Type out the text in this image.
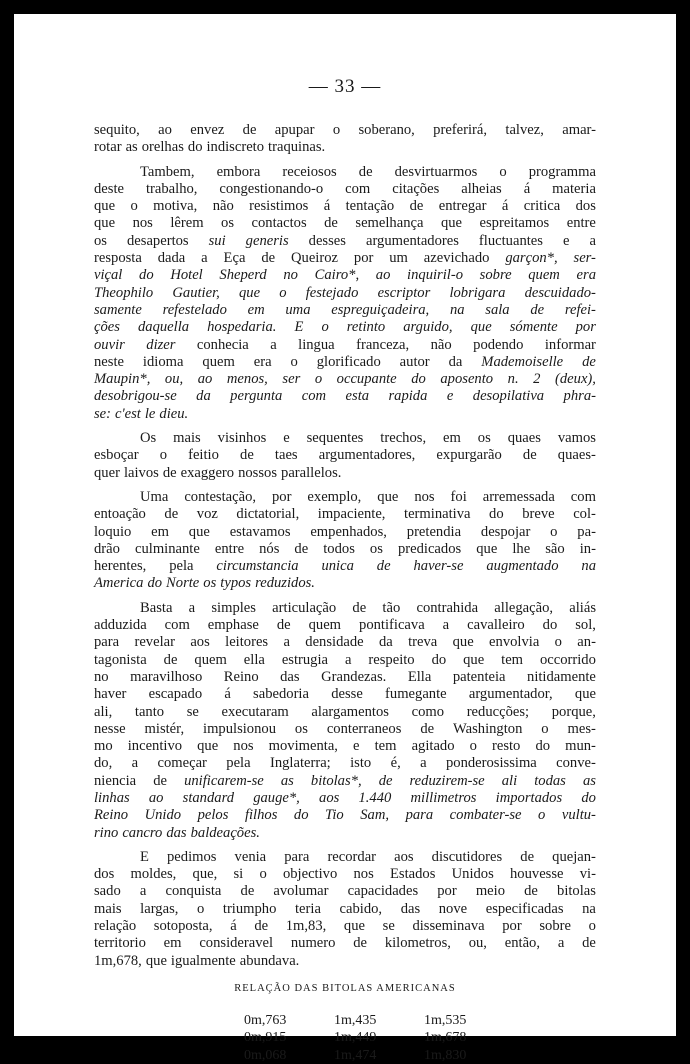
— 33 —
sequito, ao envez de apupar o soberano, preferirá, talvez, amar-
rotar as orelhas do indiscreto traquinas.
Tambem, embora receiosos de desvirtuarmos o programma
deste trabalho, congestionando-o com citações alheias á materia
que o motiva, não resistimos á tentação de entregar á critica dos
que nos lêrem os contactos de semelhança que espreitamos entre
os desapertos sui generis desses argumentadores fluctuantes e a
resposta dada a Eça de Queiroz por um azevichado garçon*, ser-
viçal do Hotel Sheperd no Cairo*, ao inquiril-o sobre quem era
Theophilo Gautier, que o festejado escriptor lobrigara descuidado-
samente refestelado em uma espreguiçadeira, na sala de refei-
ções daquella hospedaria. E o retinto arguido, que sómente por
ouvir dizer conhecia a lingua franceza, não podendo informar
neste idioma quem era o glorificado autor da Mademoiselle de
Maupin*, ou, ao menos, ser o occupante do aposento n. 2 (deux),
desobrigou-se da pergunta com esta rapida e desopilativa phra-
se: c'est le dieu.
Os mais visinhos e sequentes trechos, em os quaes vamos
esboçar o feitio de taes argumentadores, expurgarão de quaes-
quer laivos de exaggero nossos parallelos.
Uma contestação, por exemplo, que nos foi arremessada com
entoação de voz dictatorial, impaciente, terminativa do breve col-
loquio em que estavamos empenhados, pretendia despojar o pa-
drão culminante entre nós de todos os predicados que lhe são in-
herentes, pela circumstancia unica de haver-se augmentado na
America do Norte os typos reduzidos.
Basta a simples articulação de tão contrahida allegação, aliás
adduzida com emphase de quem pontificava a cavalleiro do sol,
para revelar aos leitores a densidade da treva que envolvia o an-
tagonista de quem ella estrugia a respeito do que tem occorrido
no maravilhoso Reino das Grandezas. Ella patenteia nitidamente
haver escapado á sabedoria desse fumegante argumentador, que
ali, tanto se executaram alargamentos como reducções; porque,
nesse mistér, impulsionou os conterraneos de Washington o mes-
mo incentivo que nos movimenta, e tem agitado o resto do mun-
do, a começar pela Inglaterra; isto é, a ponderosissima conve-
niencia de unificarem-se as bitolas*, de reduzirem-se ali todas as
linhas ao standard gauge*, aos 1.440 millimetros importados do
Reino Unido pelos filhos do Tio Sam, para combater-se o vultu-
rino cancro das baldeações.
E pedimos venia para recordar aos discutidores de quejan-
dos moldes, que, si o objectivo nos Estados Unidos houvesse vi-
sado a conquista de avolumar capacidades por meio de bitolas
mais largas, o triumpho teria cabido, das nove especificadas na
relação sotoposta, á de 1m,83, que se disseminava por sobre o
territorio em consideravel numero de kilometros, ou, então, a de
1m,678, que igualmente abundava.
RELAÇÃO DAS BITOLAS AMERICANAS
0m,763	1m,435	1m,535
0m,915	1m,449	1m,678
0m,068	1m,474	1m,830
